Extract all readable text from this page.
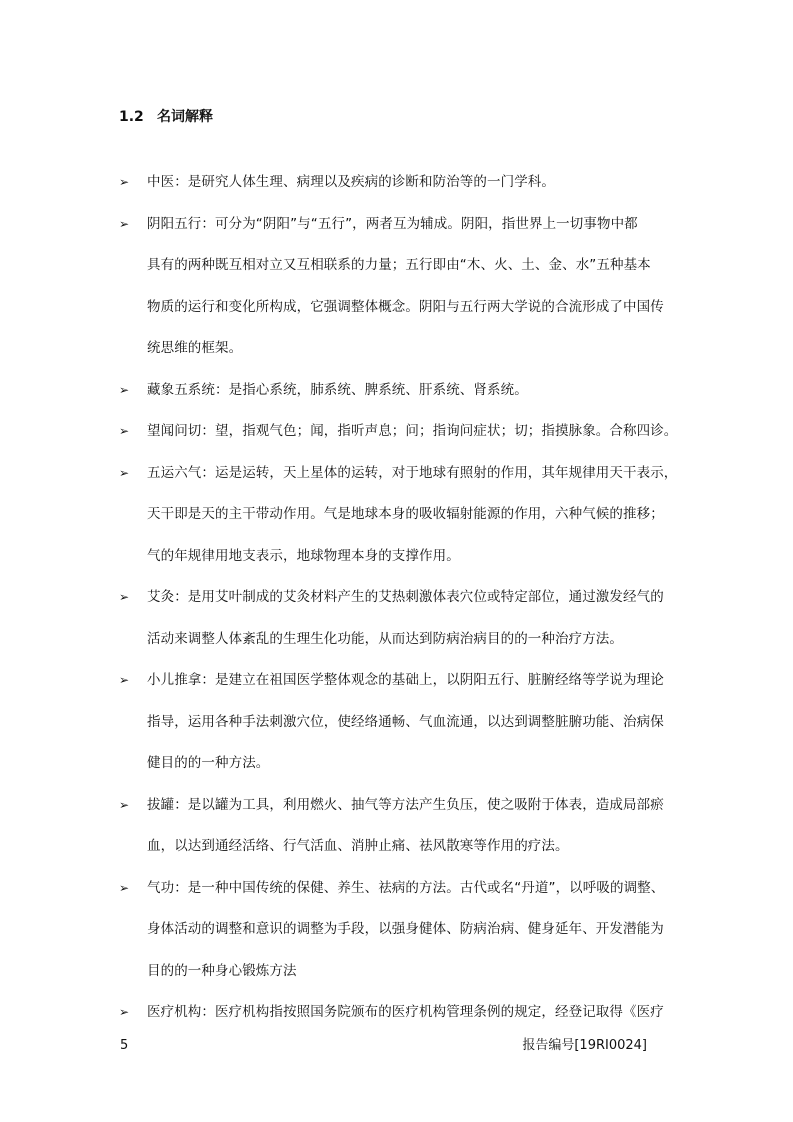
1.2 名词解释
➢ 中医：是研究人体生理、病理以及疾病的诊断和防治等的一门学科。
➢ 阴阳五行：可分为“阴阳”与“五行”，两者互为辅成。阴阳，指世界上一切事物中都
具有的两种既互相对立又互相联系的力量；五行即由“木、火、土、金、水”五种基本
物质的运行和变化所构成，它强调整体概念。阴阳与五行两大学说的合流形成了中国传
统思维的框架。
➢ 藏象五系统：是指心系统，肺系统、脾系统、肝系统、肾系统。
➢ 望闻问切：望，指观气色；闻，指听声息；问；指询问症状；切；指摸脉象。合称四诊。
➢ 五运六气：运是运转，天上星体的运转，对于地球有照射的作用，其年规律用天干表示，
天干即是天的主干带动作用。气是地球本身的吸收辐射能源的作用，六种气候的推移；
气的年规律用地支表示，地球物理本身的支撑作用。
➢ 艾灸：是用艾叶制成的艾灸材料产生的艾热刺激体表穴位或特定部位，通过激发经气的
活动来调整人体紊乱的生理生化功能，从而达到防病治病目的的一种治疗方法。
➢ 小儿推拿：是建立在祖国医学整体观念的基础上，以阴阳五行、脏腑经络等学说为理论
指导，运用各种手法刺激穴位，使经络通畅、气血流通，以达到调整脏腑功能、治病保
健目的的一种方法。
➢ 拔罐：是以罐为工具，利用燃火、抽气等方法产生负压，使之吸附于体表，造成局部瘀
血，以达到通经活络、行气活血、消肿止痛、祛风散寒等作用的疗法。
➢ 气功：是一种中国传统的保健、养生、祛病的方法。古代或名“丹道”，以呼吸的调整、
身体活动的调整和意识的调整为手段，以强身健体、防病治病、健身延年、开发潜能为
目的的一种身心锻炼方法
➢ 医疗机构：医疗机构指按照国务院颁布的医疗机构管理条例的规定，经登记取得《医疗
5	报告编号[19RI0024]
